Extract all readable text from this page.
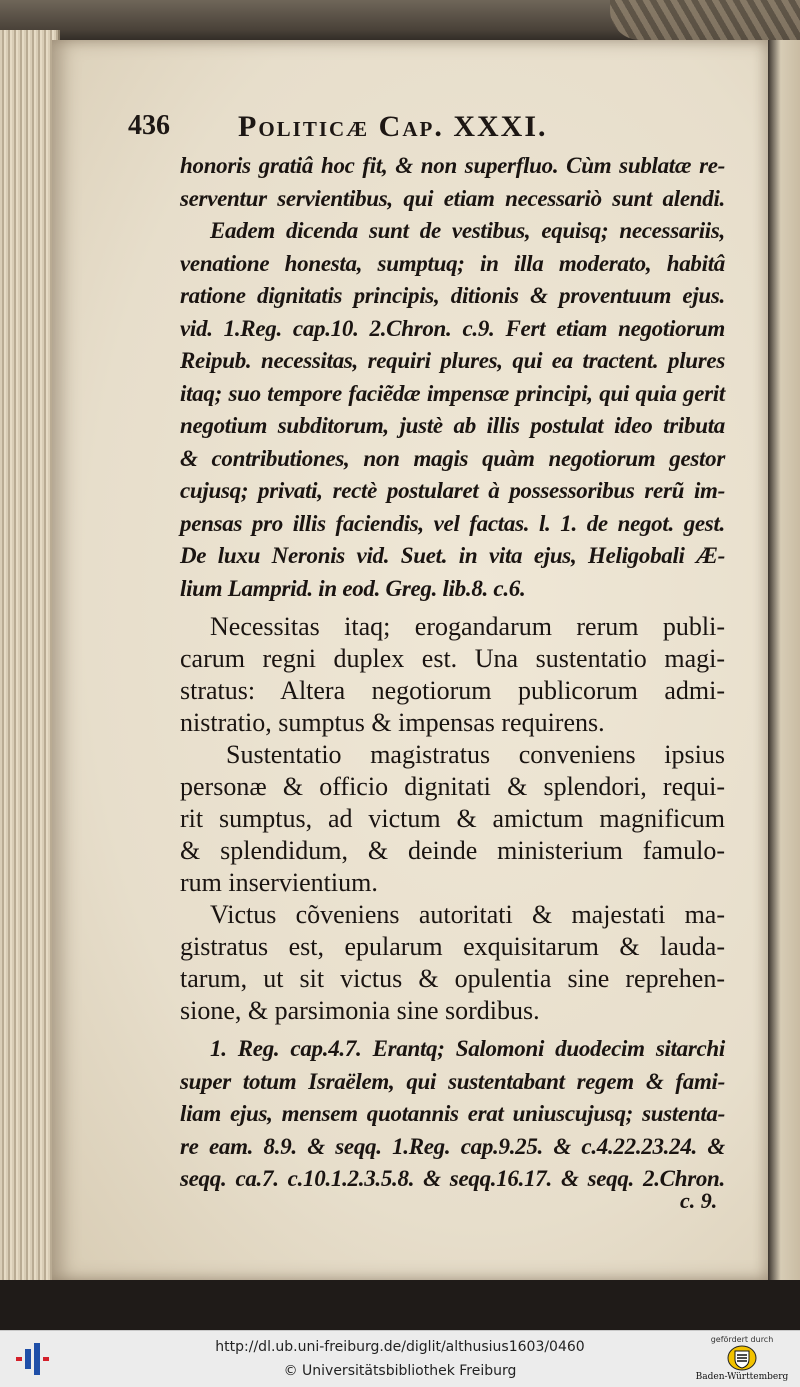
436 Politicæ Cap. XXXI.
honoris gratiâ hoc fit, & non superfluo. Cùm sublatæ re-
serventur servientibus, qui etiam necessariò sunt alendi.
Eadem dicenda sunt de vestibus, equisq; necessariis,
venatione honesta, sumptuq; in illa moderato, habitâ
ratione dignitatis principis, ditionis & proventuum ejus.
vid. 1.Reg. cap.10. 2.Chron. c.9. Fert etiam negotiorum
Reipub. necessitas, requiri plures, qui ea tractent. plures
itaq; suo tempore faciẽdæ impensæ principi, qui quia gerit
negotium subditorum, justè ab illis postulat ideo tributa
& contributiones, non magis quàm negotiorum gestor
cujusq; privati, rectè postularet à possessoribus rerũ im-
pensas pro illis faciendis, vel factas. l. 1. de negot. gest.
De luxu Neronis vid. Suet. in vita ejus, Heligobali Æ-
lium Lamprid. in eod. Greg. lib.8. c.6.
Necessitas itaq; erogandarum rerum publi-
carum regni duplex est. Una sustentatio magi-
stratus: Altera negotiorum publicorum admi-
nistratio, sumptus & impensas requirens.
Sustentatio magistratus conveniens ipsius
personæ & officio dignitati & splendori, requi-
rit sumptus, ad victum & amictum magnificum
& splendidum, & deinde ministerium famulo-
rum inservientium.
Victus cõveniens autoritati & majestati ma-
gistratus est, epularum exquisitarum & lauda-
tarum, ut sit victus & opulentia sine reprehen-
sione, & parsimonia sine sordibus.
1. Reg. cap.4.7. Erantq; Salomoni duodecim sitarchi
super totum Israëlem, qui sustentabant regem & fami-
liam ejus, mensem quotannis erat uniuscujusq; sustenta-
re eam. 8.9. & seqq. 1.Reg. cap.9.25. & c.4.22.23.24. &
seqq. ca.7. c.10.1.2.3.5.8. & seqq.16.17. & seqq. 2.Chron.
c. 9.
http://dl.ub.uni-freiburg.de/diglit/althusius1603/0460
© Universitätsbibliothek Freiburg
gefördert durch
Baden-Württemberg
